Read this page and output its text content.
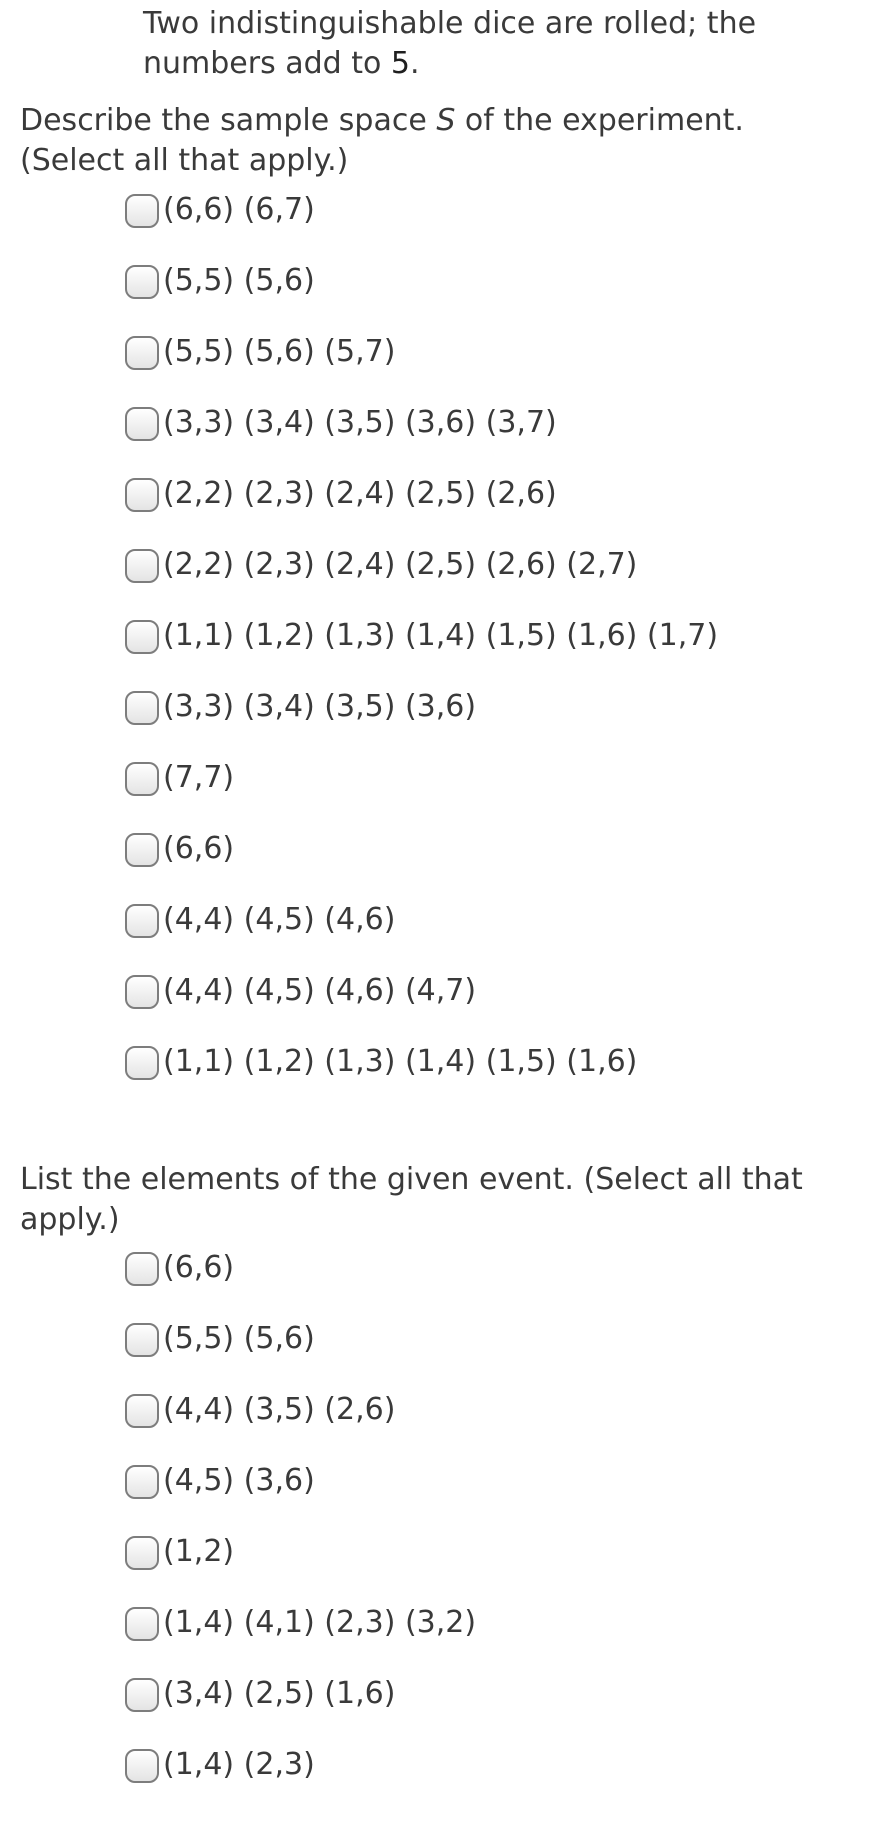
Two indistinguishable dice are rolled; the numbers add to 5.
Describe the sample space S of the experiment. (Select all that apply.)
(6,6) (6,7)
(5,5) (5,6)
(5,5) (5,6) (5,7)
(3,3) (3,4) (3,5) (3,6) (3,7)
(2,2) (2,3) (2,4) (2,5) (2,6)
(2,2) (2,3) (2,4) (2,5) (2,6) (2,7)
(1,1) (1,2) (1,3) (1,4) (1,5) (1,6) (1,7)
(3,3) (3,4) (3,5) (3,6)
(7,7)
(6,6)
(4,4) (4,5) (4,6)
(4,4) (4,5) (4,6) (4,7)
(1,1) (1,2) (1,3) (1,4) (1,5) (1,6)
List the elements of the given event. (Select all that apply.)
(6,6)
(5,5) (5,6)
(4,4) (3,5) (2,6)
(4,5) (3,6)
(1,2)
(1,4) (4,1) (2,3) (3,2)
(3,4) (2,5) (1,6)
(1,4) (2,3)
